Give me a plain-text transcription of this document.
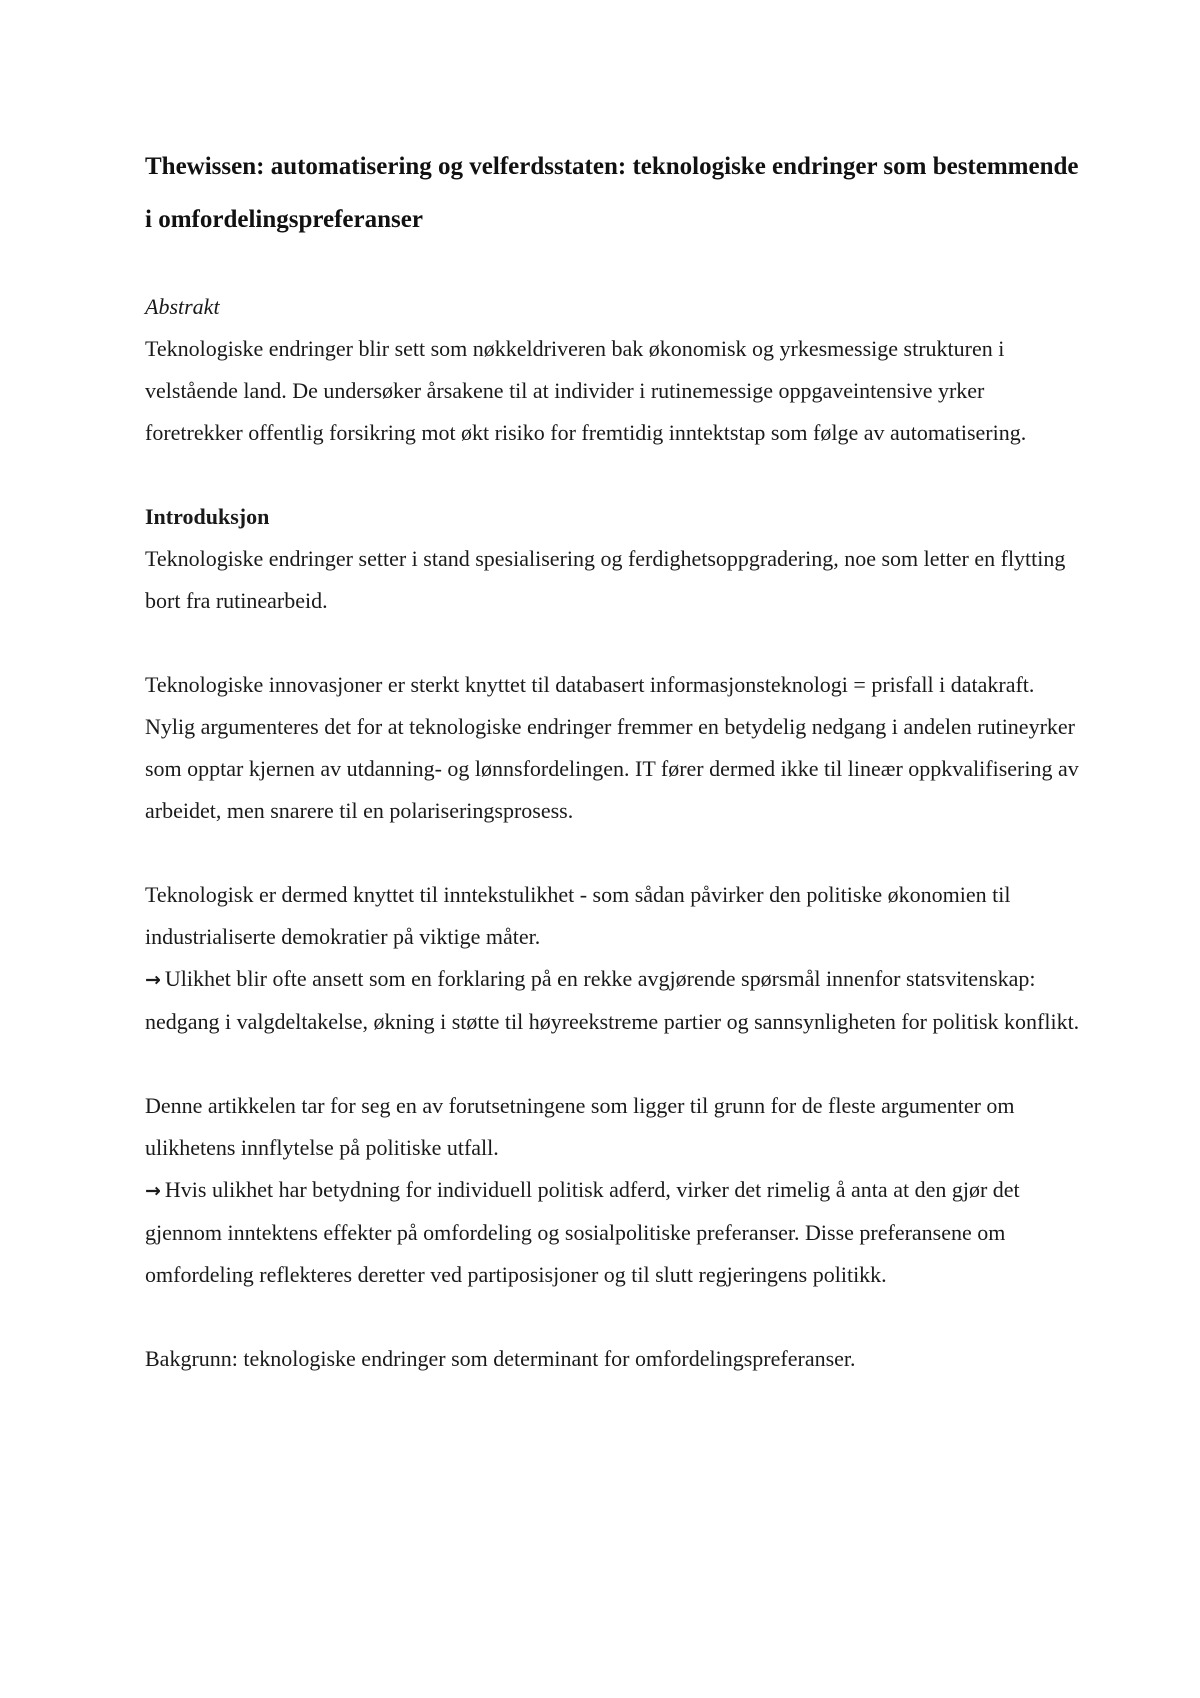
Thewissen: automatisering og velferdsstaten: teknologiske endringer som bestemmende i omfordelingspreferanser

Abstrakt

Teknologiske endringer blir sett som nøkkeldriveren bak økonomisk og yrkesmessige strukturen i velstående land. De undersøker årsakene til at individer i rutinemessige oppgaveintensive yrker foretrekker offentlig forsikring mot økt risiko for fremtidig inntektstap som følge av automatisering.

Introduksjon

Teknologiske endringer setter i stand spesialisering og ferdighetsoppgradering, noe som letter en flytting bort fra rutinearbeid.

Teknologiske innovasjoner er sterkt knyttet til databasert informasjonsteknologi = prisfall i datakraft. Nylig argumenteres det for at teknologiske endringer fremmer en betydelig nedgang i andelen rutineyrker som opptar kjernen av utdanning- og lønnsfordelingen. IT fører dermed ikke til lineær oppkvalifisering av arbeidet, men snarere til en polariseringsprosess.

Teknologisk er dermed knyttet til inntekstulikhet - som sådan påvirker den politiske økonomien til industrialiserte demokratier på viktige måter.

→ Ulikhet blir ofte ansett som en forklaring på en rekke avgjørende spørsmål innenfor statsvitenskap: nedgang i valgdeltakelse, økning i støtte til høyreekstreme partier og sannsynligheten for politisk konflikt.

Denne artikkelen tar for seg en av forutsetningene som ligger til grunn for de fleste argumenter om ulikhetens innflytelse på politiske utfall.

→ Hvis ulikhet har betydning for individuell politisk adferd, virker det rimelig å anta at den gjør det gjennom inntektens effekter på omfordeling og sosialpolitiske preferanser. Disse preferansene om omfordeling reflekteres deretter ved partiposisjoner og til slutt regjeringens politikk.

Bakgrunn: teknologiske endringer som determinant for omfordelingspreferanser.
